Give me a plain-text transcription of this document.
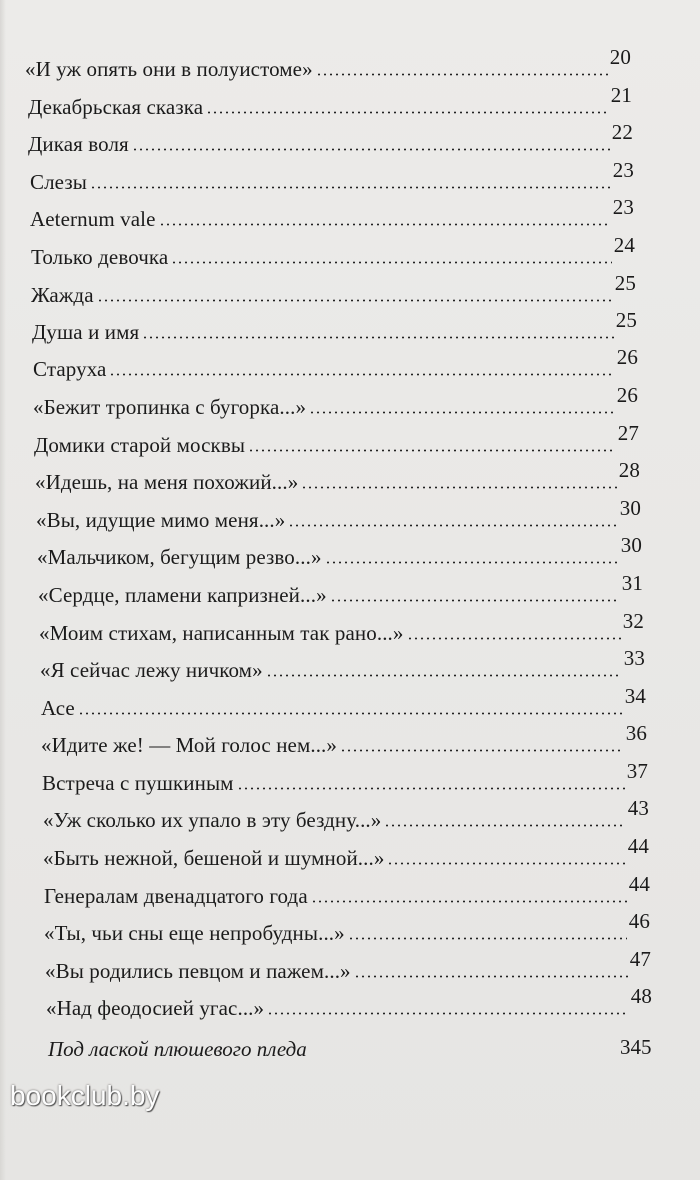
«И уж опять они в полуистоме»	20
Декабрьская сказка	21
Дикая воля	22
Слезы	23
Aeternum vale	23
Только девочка	24
Жажда	25
Душа и имя	25
Старуха	26
«Бежит тропинка с бугорка...»	26
Домики старой москвы	27
«Идешь, на меня похожий...»	28
«Вы, идущие мимо меня...»	30
«Мальчиком, бегущим резво...»	30
«Сердце, пламени капризней...»	31
«Моим стихам, написанным так рано...»	32
«Я сейчас лежу ничком»	33
Асе	34
«Идите же! — Мой голос нем...»	36
Встреча с пушкиным	37
«Уж сколько их упало в эту бездну...»	43
«Быть нежной, бешеной и шумной...»	44
Генералам двенадцатого года	44
«Ты, чьи сны еще непробудны...»	46
«Вы родились певцом и пажем...»	47
«Над феодосией угас...»	48
Под лаской плюшевого пледа	345
bookclub.by
